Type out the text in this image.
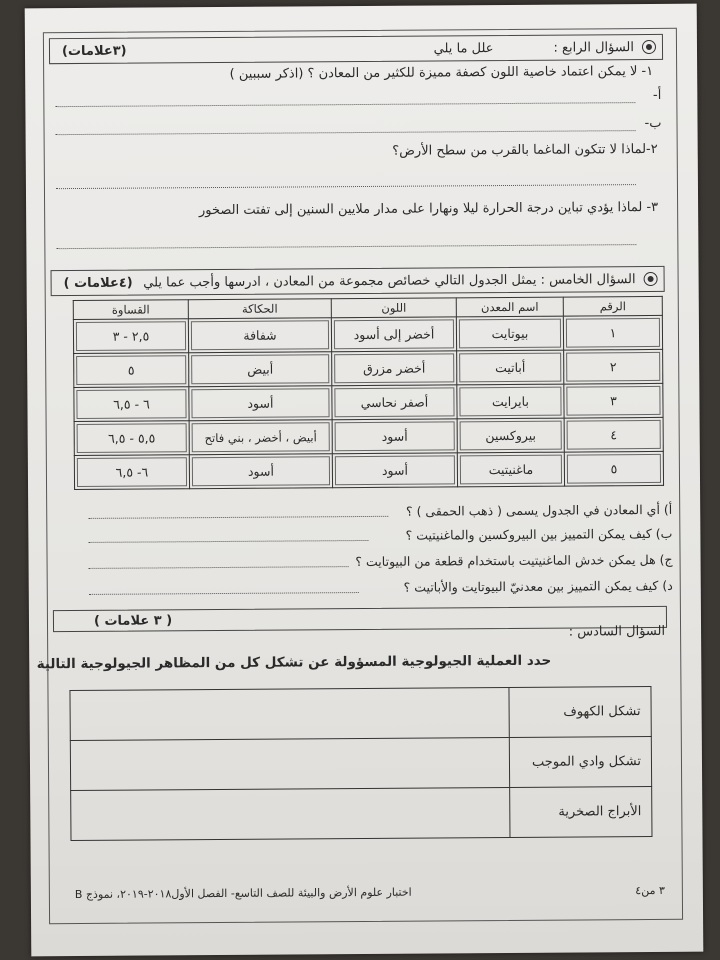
السؤال الرابع :
علل ما يلي
(٣علامات)
١- لا يمكن اعتماد خاصية اللون كصفة مميزة للكثير من المعادن ؟ (اذكر سببين )
أ-
ب-
٢-لماذا لا تتكون الماغما بالقرب من سطح الأرض؟
٣- لماذا يؤدي تباين درجة الحرارة ليلا ونهارا على مدار ملايين السنين إلى تفتت الصخور
السؤال الخامس : يمثل الجدول التالي خصائص مجموعة من المعادن ، ادرسها وأجب عما يلي
(٤علامات )
الرقم	اسم المعدن	اللون	الحكاكة	القساوة
١	بيوتايت	أخضر إلى أسود	شفافة	٢,٥ - ٣
٢	أباتيت	أخضر مزرق	أبيض	٥
٣	بايرايت	أصفر نحاسي	أسود	٦ - ٦,٥
٤	بيروكسين	أسود	أبيض ، أخضر ، بني فاتح	٥,٥ - ٦,٥
٥	ماغنيتيت	أسود	أسود	٦- ٦,٥
أ) أي المعادن في الجدول يسمى ( ذهب الحمقى ) ؟
ب) كيف يمكن التمييز بين البيروكسين والماغنيتيت ؟
ج) هل يمكن خدش الماغنيتيت باستخدام قطعة من البيوتايت ؟
د) كيف يمكن التمييز بين معدنيّ البيوتايت والأباتيت ؟
( ٣ علامات )
السؤال السادس :
حدد العملية الجيولوجية المسؤولة عن تشكل كل من المظاهر الجيولوجية التالية
تشكل الكهوف	
تشكل وادي الموجب	
الأبراج الصخرية	
اختبار علوم الأرض والبيئة للصف التاسع- الفصل الأول٢٠١٨-٢٠١٩، نموذج B	٣ من٤
